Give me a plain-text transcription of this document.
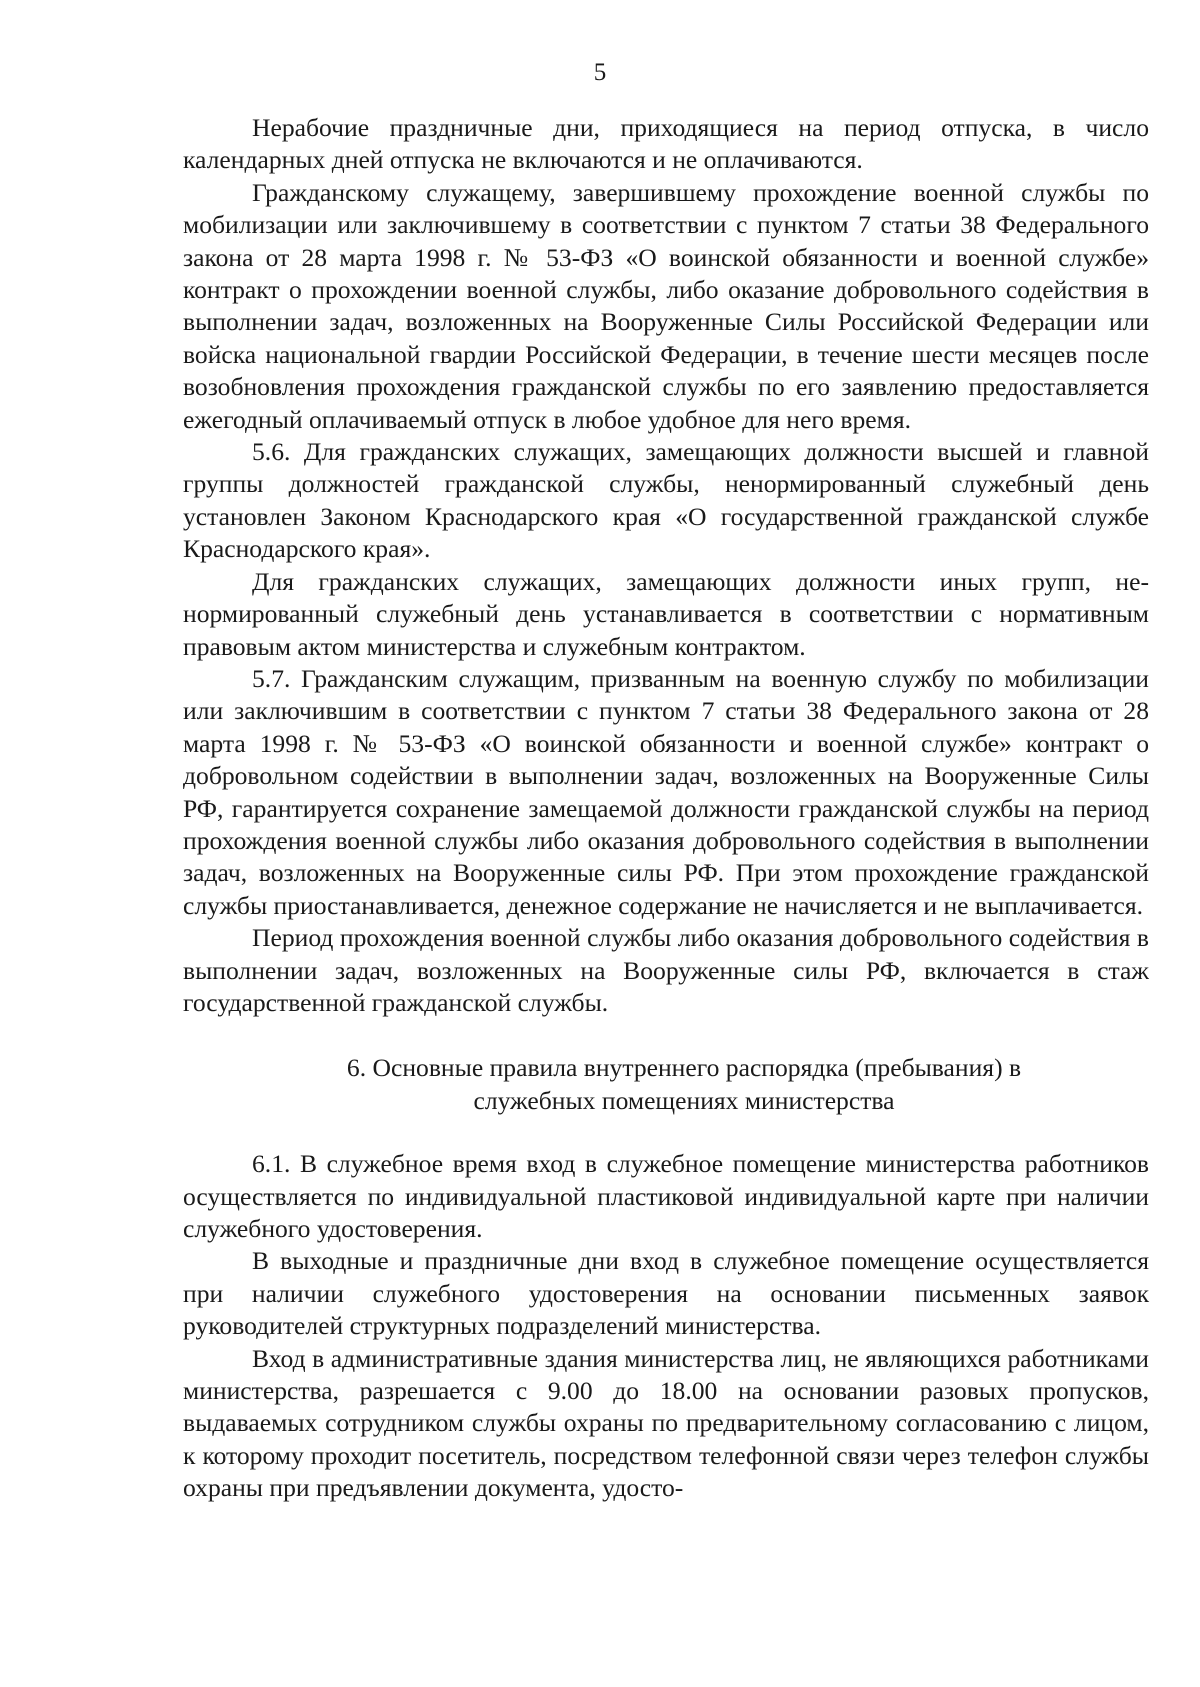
5

Нерабочие праздничные дни, приходящиеся на период отпуска, в число календарных дней отпуска не включаются и не оплачиваются.

Гражданскому служащему, завершившему прохождение военной службы по мобилизации или заключившему в соответствии с пунктом 7 статьи 38 Федерального закона от 28 марта 1998 г. № 53-ФЗ «О воинской обязанности и военной службе» контракт о прохождении военной службы, либо оказание добровольного содействия в выполнении задач, возложенных на Вооруженные Силы Российской Федерации или войска национальной гвардии Российской Федерации, в течение шести месяцев после возобновления прохождения гражданской службы по его заявлению предоставляется ежегодный оплачиваемый отпуск в любое удобное для него время.

5.6. Для гражданских служащих, замещающих должности высшей и главной группы должностей гражданской службы, ненормированный служебный день установлен Законом Краснодарского края «О государственной гражданской службе Краснодарского края».

Для гражданских служащих, замещающих должности иных групп, ненормированный служебный день устанавливается в соответствии с нормативным правовым актом министерства и служебным контрактом.

5.7. Гражданским служащим, призванным на военную службу по мобилизации или заключившим в соответствии с пунктом 7 статьи 38 Федерального закона от 28 марта 1998 г. № 53-ФЗ «О воинской обязанности и военной службе» контракт о добровольном содействии в выполнении задач, возложенных на Вооруженные Силы РФ, гарантируется сохранение замещаемой должности гражданской службы на период прохождения военной службы либо оказания добровольного содействия в выполнении задач, возложенных на Вооруженные силы РФ. При этом прохождение гражданской службы приостанавливается, денежное содержание не начисляется и не выплачивается.

Период прохождения военной службы либо оказания добровольного содействия в выполнении задач, возложенных на Вооруженные силы РФ, включается в стаж государственной гражданской службы.

6. Основные правила внутреннего распорядка (пребывания) в
служебных помещениях министерства

6.1. В служебное время вход в служебное помещение министерства работников осуществляется по индивидуальной пластиковой индивидуальной карте при наличии служебного удостоверения.

В выходные и праздничные дни вход в служебное помещение осуществляется при наличии служебного удостоверения на основании письменных заявок руководителей структурных подразделений министерства.

Вход в административные здания министерства лиц, не являющихся работниками министерства, разрешается с 9.00 до 18.00 на основании разовых пропусков, выдаваемых сотрудником службы охраны по предварительному согласованию с лицом, к которому проходит посетитель, посредством телефонной связи через телефон службы охраны при предъявлении документа, удосто-
